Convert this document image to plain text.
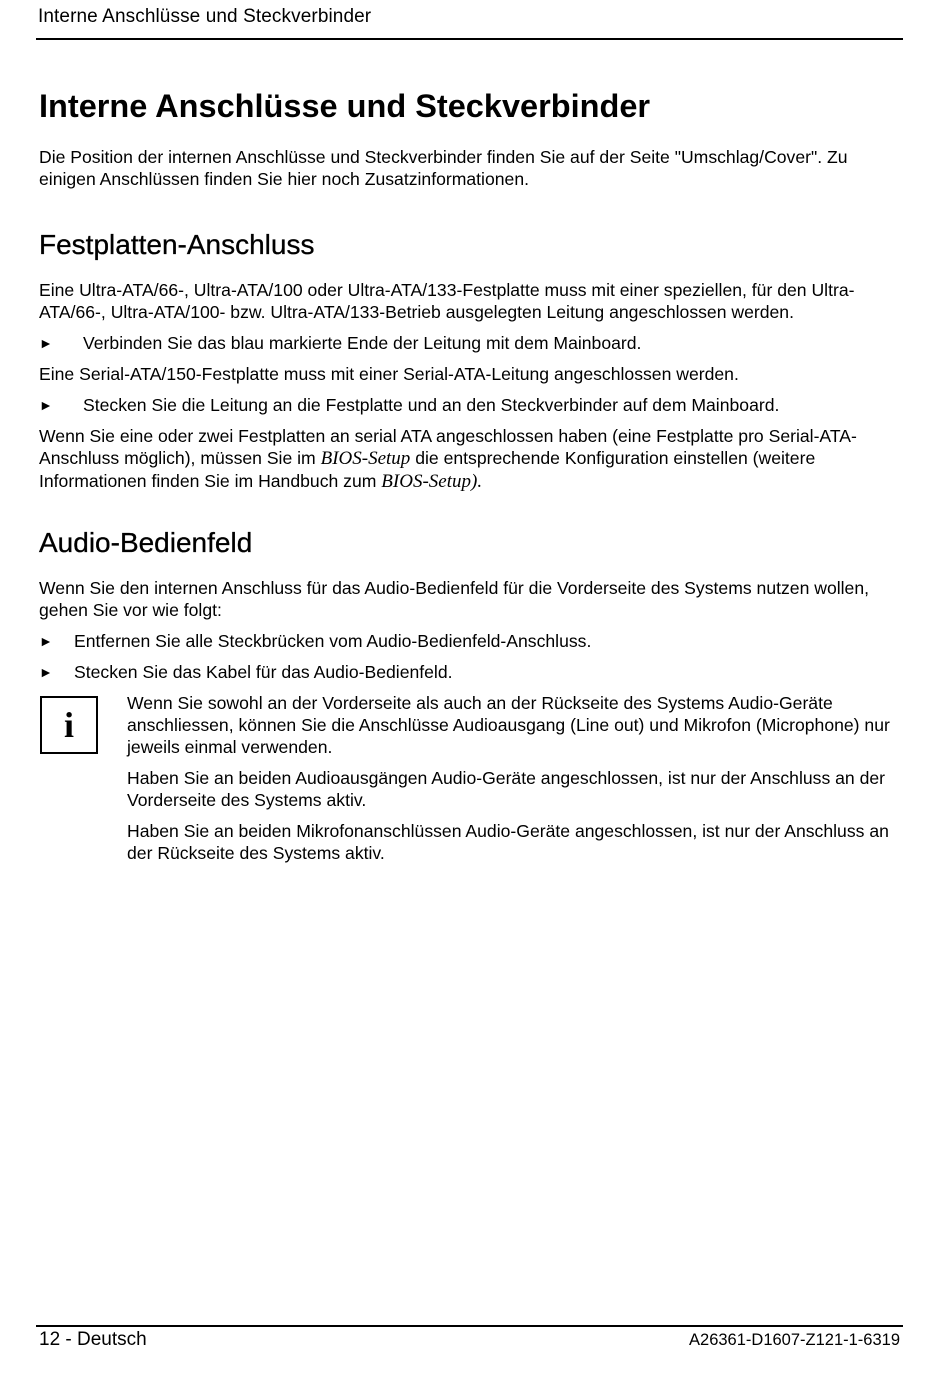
Interne Anschlüsse und Steckverbinder
Interne Anschlüsse und Steckverbinder

Die Position der internen Anschlüsse und Steckverbinder finden Sie auf der Seite "Umschlag/Cover". Zu einigen Anschlüssen finden Sie hier noch Zusatzinformationen.

Festplatten-Anschluss

Eine Ultra-ATA/66-, Ultra-ATA/100 oder Ultra-ATA/133-Festplatte muss mit einer speziellen, für den Ultra-ATA/66-, Ultra-ATA/100- bzw. Ultra-ATA/133-Betrieb ausgelegten Leitung angeschlossen werden.

► Verbinden Sie das blau markierte Ende der Leitung mit dem Mainboard.

Eine Serial-ATA/150-Festplatte muss mit einer Serial-ATA-Leitung angeschlossen werden.

► Stecken Sie die Leitung an die Festplatte und an den Steckverbinder auf dem Mainboard.

Wenn Sie eine oder zwei Festplatten an serial ATA angeschlossen haben (eine Festplatte pro Serial-ATA-Anschluss möglich), müssen Sie im BIOS-Setup die entsprechende Konfiguration einstellen (weitere Informationen finden Sie im Handbuch zum BIOS-Setup).

Audio-Bedienfeld

Wenn Sie den internen Anschluss für das Audio-Bedienfeld für die Vorderseite des Systems nutzen wollen, gehen Sie vor wie folgt:

► Entfernen Sie alle Steckbrücken vom Audio-Bedienfeld-Anschluss.
► Stecken Sie das Kabel für das Audio-Bedienfeld.
i

Wenn Sie sowohl an der Vorderseite als auch an der Rückseite des Systems Audio-Geräte anschliessen, können Sie die Anschlüsse Audioausgang (Line out) und Mikrofon (Microphone) nur jeweils einmal verwenden.

Haben Sie an beiden Audioausgängen Audio-Geräte angeschlossen, ist nur der Anschluss an der Vorderseite des Systems aktiv.

Haben Sie an beiden Mikrofonanschlüssen Audio-Geräte angeschlossen, ist nur der Anschluss an der Rückseite des Systems aktiv.

12 - Deutsch	A26361-D1607-Z121-1-6319
